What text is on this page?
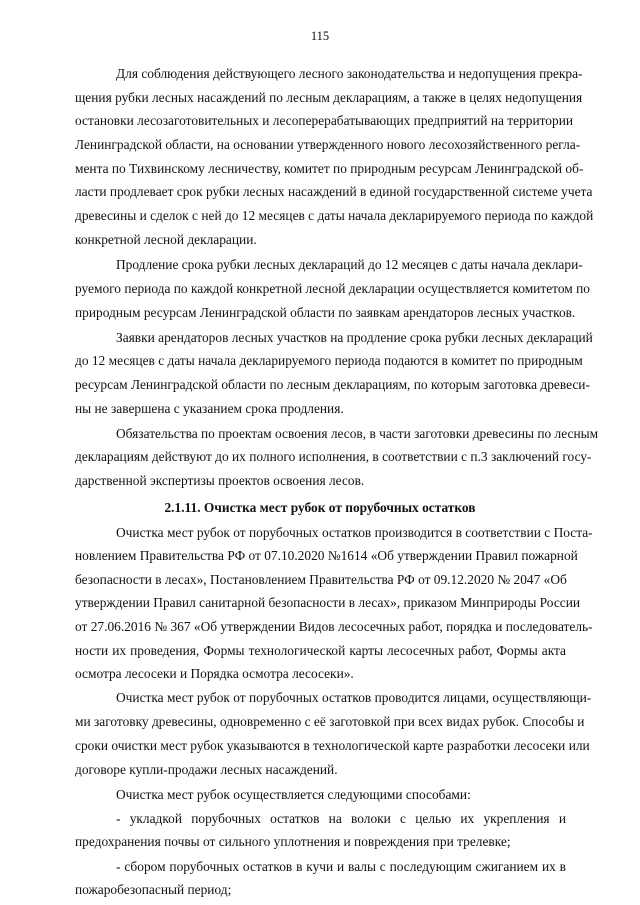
115
Для соблюдения действующего лесного законодательства и недопущения прекра-
щения рубки лесных насаждений по лесным декларациям, а также в целях недопущения
остановки лесозаготовительных и лесоперерабатывающих предприятий на территории
Ленинградской области, на основании утвержденного нового лесохозяйственного регла-
мента по Тихвинскому лесничеству, комитет по природным ресурсам Ленинградской об-
ласти продлевает срок рубки лесных насаждений в единой государственной системе учета
древесины и сделок с ней до 12 месяцев с даты начала декларируемого периода по каждой
конкретной лесной декларации.
Продление срока рубки лесных деклараций до 12 месяцев с даты начала деклари-
руемого периода по каждой конкретной лесной декларации осуществляется комитетом по
природным ресурсам Ленинградской области по заявкам арендаторов лесных участков.
Заявки арендаторов лесных участков на продление срока рубки лесных деклараций
до 12 месяцев с даты начала декларируемого периода подаются в комитет по природным
ресурсам Ленинградской области по лесным декларациям, по которым заготовка древеси-
ны не завершена с указанием срока продления.
Обязательства по проектам освоения лесов, в части заготовки древесины по лесным
декларациям действуют до их полного исполнения, в соответствии с п.3 заключений госу-
дарственной экспертизы проектов освоения лесов.
2.1.11. Очистка мест рубок от порубочных остатков
Очистка мест рубок от порубочных остатков производится в соответствии с Поста-
новлением Правительства РФ от 07.10.2020 №1614 «Об утверждении Правил пожарной
безопасности в лесах», Постановлением Правительства РФ от 09.12.2020 № 2047 «Об
утверждении Правил санитарной безопасности в лесах», приказом Минприроды России
от 27.06.2016 № 367 «Об утверждении Видов лесосечных работ, порядка и последователь-
ности их проведения, Формы технологической карты лесосечных работ, Формы акта
осмотра лесосеки и Порядка осмотра лесосеки».
Очистка мест рубок от порубочных остатков проводится лицами, осуществляющи-
ми заготовку древесины, одновременно с её заготовкой при всех видах рубок. Способы и
сроки очистки мест рубок указываются в технологической карте разработки лесосеки или
договоре купли-продажи лесных насаждений.
Очистка мест рубок осуществляется следующими способами:
- укладкой порубочных остатков на волоки с целью их укрепления и
предохранения почвы от сильного уплотнения и повреждения при трелевке;
- сбором порубочных остатков в кучи и валы с последующим сжиганием их в
пожаробезопасный период;
